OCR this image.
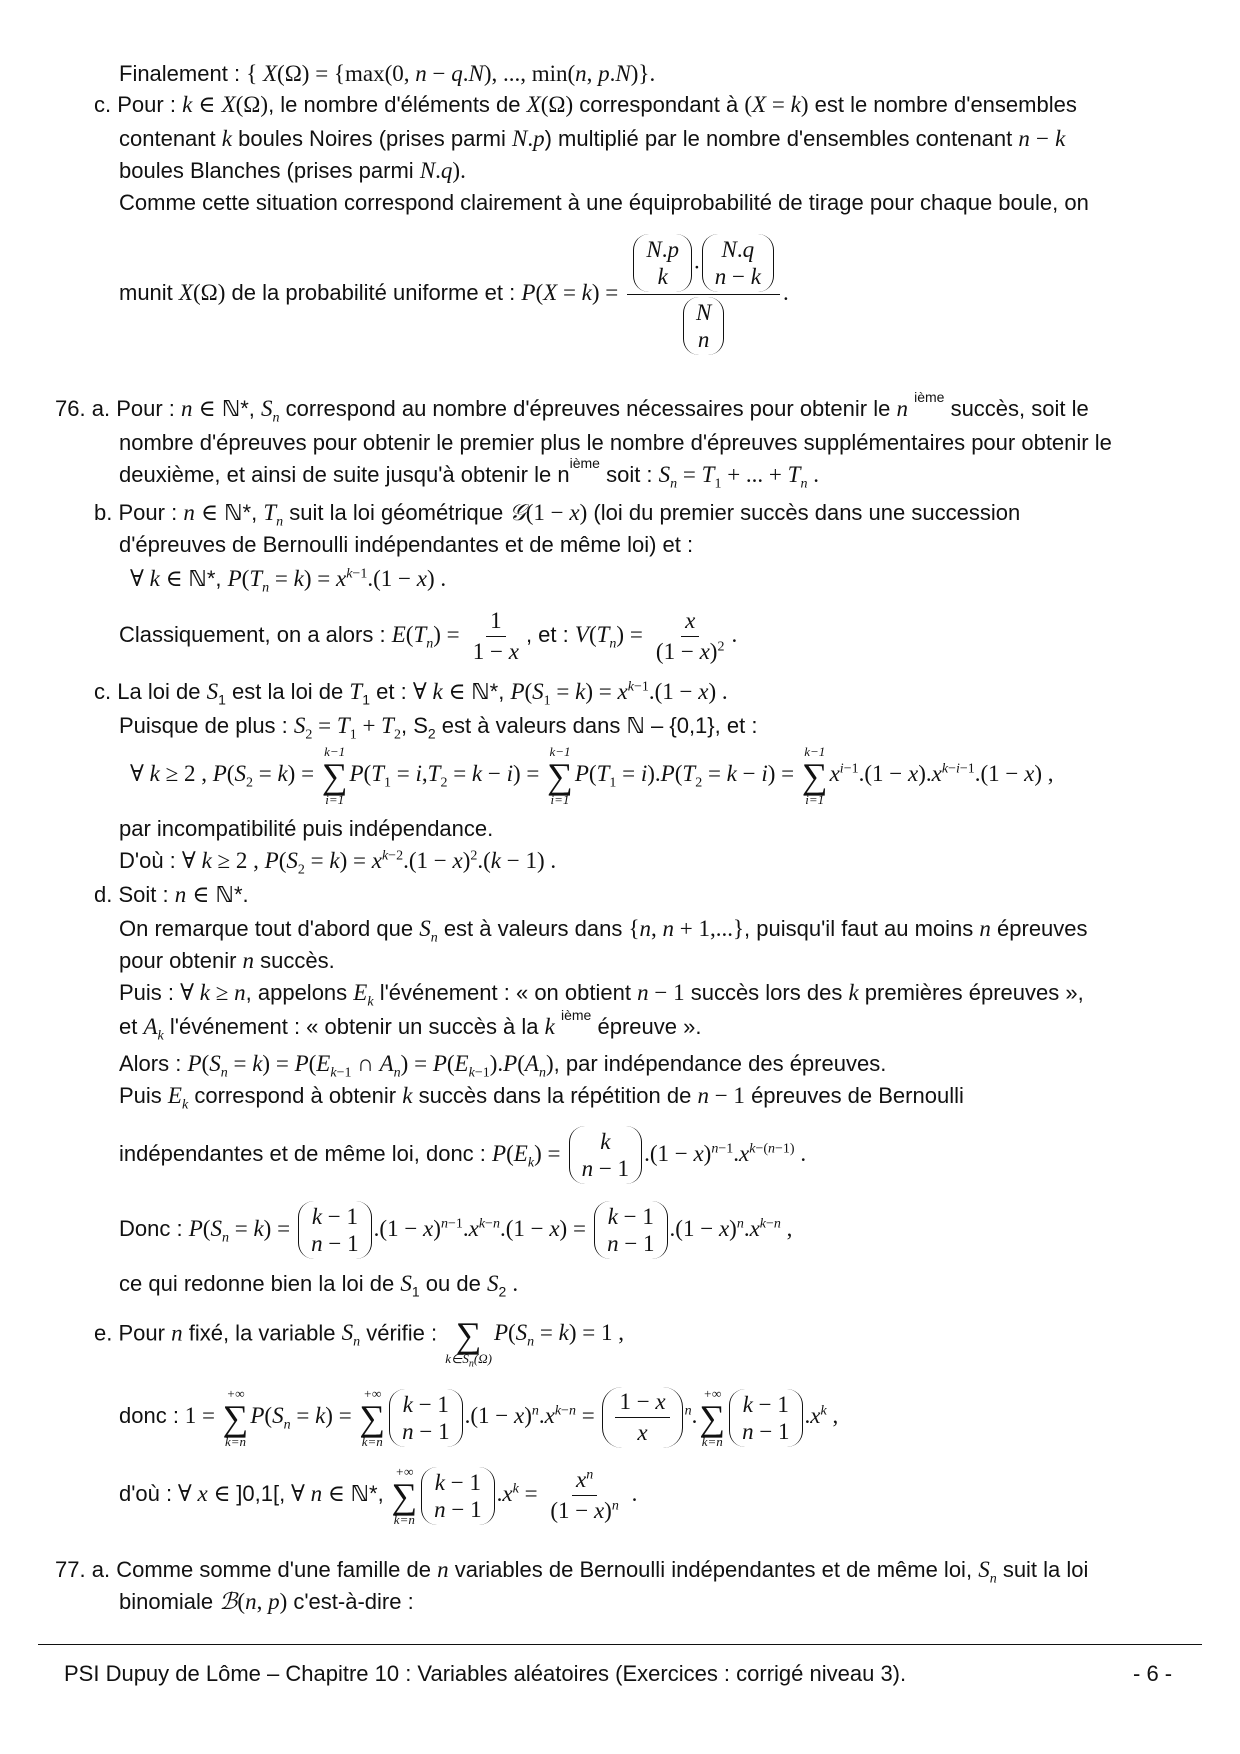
Finalement : { X(Ω) = {max(0, n − q.N), ..., min(n, p.N)}.
c. Pour : k ∈ X(Ω), le nombre d'éléments de X(Ω) correspondant à (X = k) est le nombre d'ensembles
contenant k boules Noires (prises parmi N.p) multiplié par le nombre d'ensembles contenant n − k
boules Blanches (prises parmi N.q).
Comme cette situation correspond clairement à une équiprobabilité de tirage pour chaque boule, on
munit X(Ω) de la probabilité uniforme et : P(X = k) = N.p
k
. N.q
n − k
N
n .
76. a. Pour : n ∈ ℕ*, $S_n$ correspond au nombre d'épreuves nécessaires pour obtenir le n $^{ième}$ succès, soit le
nombre d'épreuves pour obtenir le premier plus le nombre d'épreuves supplémentaires pour obtenir le
deuxième, et ainsi de suite jusqu'à obtenir le $n^{ième}$ soit : $S_n = T_1$ + ... + $T_n$ .
b. Pour : n ∈ ℕ*, $T_n$ suit la loi géométrique 𝒢(1 − x) (loi du premier succès dans une succession
d'épreuves de Bernoulli indépendantes et de même loi) et :
∀ k ∈ ℕ*, $P(T_n = k) = x^{k-1}.(1 - x)$ .
Classiquement, on a alors : $E(T_n) = \frac{1}{1 - x}$ , et : $V(T_n) = \frac{x}{(1 - x)^2}$ .
c. La loi de $S_1$ est la loi de $T_1$ et : ∀ k ∈ ℕ*, $P(S_1 = k) = x^{k-1}.(1 - x)$ .
Puisque de plus : $S_2 = T_1 + T_2$, $S_2$ est à valeurs dans ℕ – {0,1}, et :
∀ k ≥ 2 , $P(S_2 = k)$ =
k−1
∑
i=1
$P(T_1 = i,T_2 = k - i)$ =
k−1
∑
i=1
$P(T_1 = i).P(T_2 = k - i)$ =
k−1
∑
i=1
$x^{i-1}.(1 - x).x^{k-i-1}.(1 - x)$ ,
par incompatibilité puis indépendance.
D'où : ∀ k ≥ 2 , $P(S_2 = k) = x^{k-2}.(1 - x)^2.(k - 1)$ .
d. Soit : n ∈ ℕ*.
On remarque tout d'abord que $S_n$ est à valeurs dans {n, n + 1,...}, puisqu'il faut au moins n épreuves
pour obtenir n succès.
Puis : ∀ k ≥ n, appelons $E_k$ l'événement : « on obtient n − 1 succès lors des k premières épreuves »,
et $A_k$ l'événement : « obtenir un succès à la k $^{ième}$ épreuve ».
Alors : $P(S_n = k) = P(E_{k-1}$ ∩ $A_n) = P(E_{k-1}).P(A_n)$, par indépendance des épreuves.
Puis $E_k$ correspond à obtenir k succès dans la répétition de n − 1 épreuves de Bernoulli
indépendantes et de même loi, donc : $P(E_k) = k$
n − 1
$.(1 - x)^{n-1}.x^{k-(n-1)}$ .
Donc : $P(S_n = k) = k - 1$
n − 1
$.(1 - x)^{n-1}.x^{k-n}.(1 - x) = k - 1$
n − 1
$.(1 - x)^n.x^{k-n}$ ,
ce qui redonne bien la loi de $S_1$ ou de $S_2$ .
e. Pour n fixé, la variable $S_n$ vérifie :
∑
$k\in S_n(\Omega)$
$P(S_n = k) = 1$ ,
donc : 1 =
+∞
∑
k=n
$P(S_n = k)$ =
+∞
∑
k=n
k − 1
n − 1
$.(1 - x)^n.x^{k-n} = \frac{1 - x}{x} ^n$.
+∞
∑
k=n
k − 1
n − 1
$.x^k$ ,
d'où : ∀ x ∈ ]0,1[, ∀ n ∈ ℕ*,
+∞
∑
k=n
k − 1
n − 1
$.x^k = \frac{x^n}{(1 - x)^n}$ .
77. a. Comme somme d'une famille de n variables de Bernoulli indépendantes et de même loi, $S_n$ suit la loi
binomiale ℬ(n, p) c'est-à-dire :
PSI Dupuy de Lôme – Chapitre 10 : Variables aléatoires (Exercices : corrigé niveau 3).	- 6 -
